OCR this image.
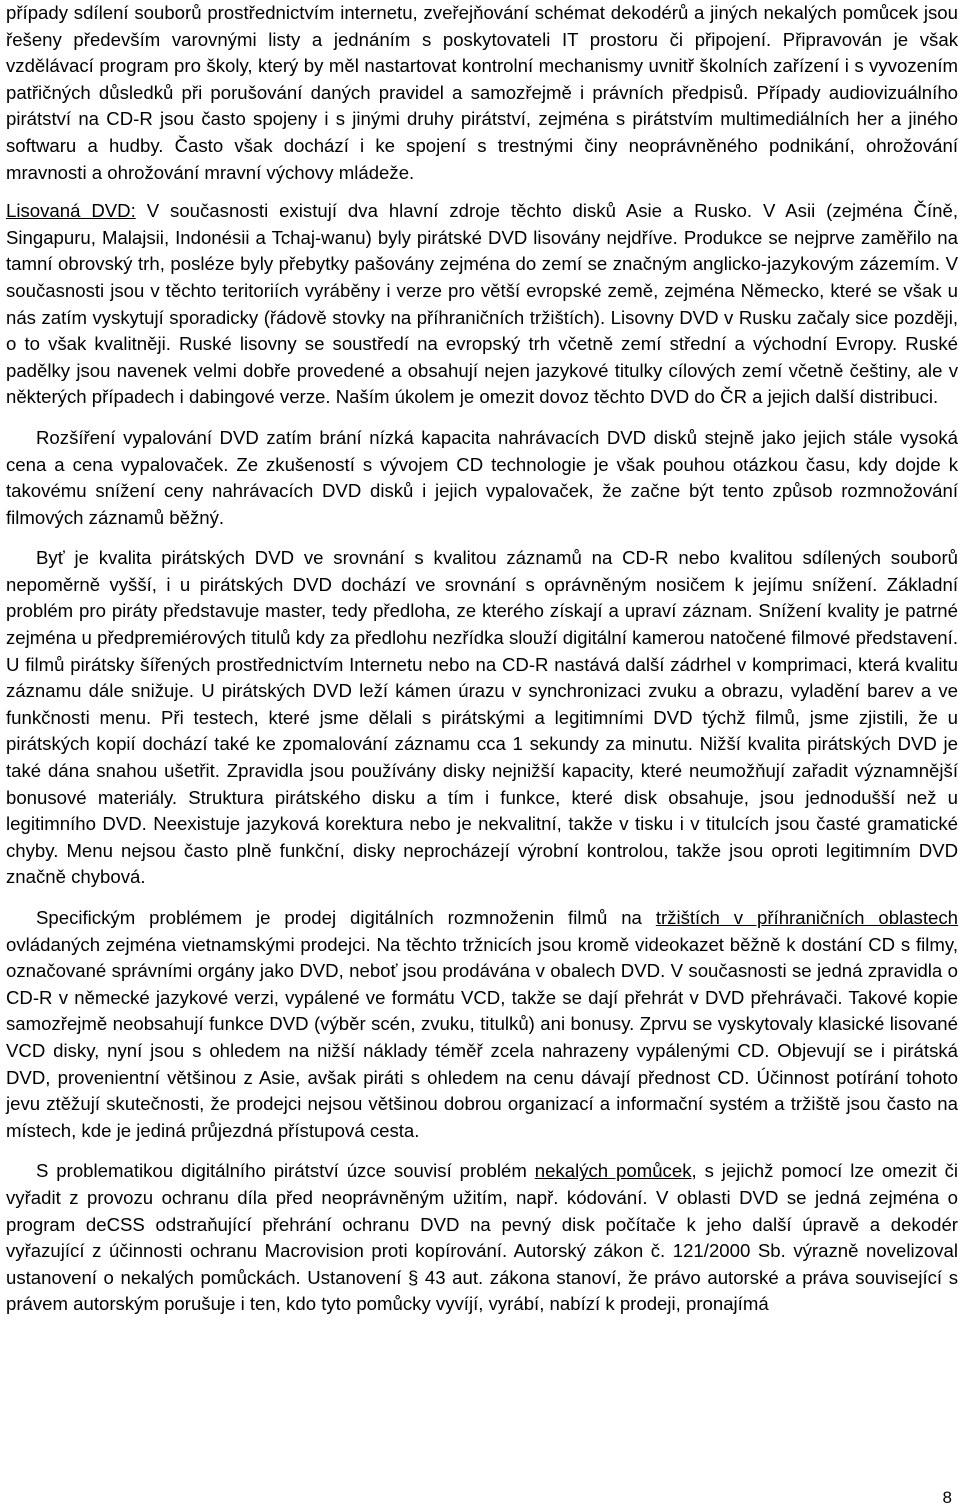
případy sdílení souborů prostřednictvím internetu, zveřejňování schémat dekodérů a jiných nekalých pomůcek jsou řešeny především varovnými listy a jednáním s poskytovateli IT prostoru či připojení. Připravován je však vzdělávací program pro školy, který by měl nastartovat kontrolní mechanismy uvnitř školních zařízení i s vyvozením patřičných důsledků při porušování daných pravidel a samozřejmě i právních předpisů. Případy audiovizuálního pirátství na CD-R jsou často spojeny i s jinými druhy pirátství, zejména s pirátstvím multimediálních her a jiného softwaru a hudby. Často však dochází i ke spojení s trestnými činy neoprávněného podnikání, ohrožování mravnosti a ohrožování mravní výchovy mládeže.

Lisovaná DVD: V současnosti existují dva hlavní zdroje těchto disků Asie a Rusko. V Asii (zejména Číně, Singapuru, Malajsii, Indonésii a Tchaj-wanu) byly pirátské DVD lisovány nejdříve. Produkce se nejprve zaměřilo na tamní obrovský trh, posléze byly přebytky pašovány zejména do zemí se značným anglicko-jazykovým zázemím. V současnosti jsou v těchto teritoriích vyráběny i verze pro větší evropské země, zejména Německo, které se však u nás zatím vyskytují sporadicky (řádově stovky na příhraničních tržištích). Lisovny DVD v Rusku začaly sice později, o to však kvalitněji. Ruské lisovny se soustředí na evropský trh včetně zemí střední a východní Evropy. Ruské padělky jsou navenek velmi dobře provedené a obsahují nejen jazykové titulky cílových zemí včetně češtiny, ale v některých případech i dabingové verze. Naším úkolem je omezit dovoz těchto DVD do ČR a jejich další distribuci.

Rozšíření vypalování DVD zatím brání nízká kapacita nahrávacích DVD disků stejně jako jejich stále vysoká cena a cena vypalovaček. Ze zkušeností s vývojem CD technologie je však pouhou otázkou času, kdy dojde k takovému snížení ceny nahrávacích DVD disků i jejich vypalovaček, že začne být tento způsob rozmnožování filmových záznamů běžný.

Byť je kvalita pirátských DVD ve srovnání s kvalitou záznamů na CD-R nebo kvalitou sdílených souborů nepoměrně vyšší, i u pirátských DVD dochází ve srovnání s oprávněným nosičem k jejímu snížení. Základní problém pro piráty představuje master, tedy předloha, ze kterého získají a upraví záznam. Snížení kvality je patrné zejména u předpremiérových titulů kdy za předlohu nezřídka slouží digitální kamerou natočené filmové představení. U filmů pirátsky šířených prostřednictvím Internetu nebo na CD-R nastává další zádrhel v komprimaci, která kvalitu záznamu dále snižuje. U pirátských DVD leží kámen úrazu v synchronizaci zvuku a obrazu, vyladění barev a ve funkčnosti menu. Při testech, které jsme dělali s pirátskými a legitimními DVD týchž filmů, jsme zjistili, že u pirátských kopií dochází také ke zpomalování záznamu cca 1 sekundy za minutu. Nižší kvalita pirátských DVD je také dána snahou ušetřit. Zpravidla jsou používány disky nejnižší kapacity, které neumožňují zařadit významnější bonusové materiály. Struktura pirátského disku a tím i funkce, které disk obsahuje, jsou jednodušší než u legitimního DVD. Neexistuje jazyková korektura nebo je nekvalitní, takže v tisku i v titulcích jsou časté gramatické chyby. Menu nejsou často plně funkční, disky neprocházejí výrobní kontrolou, takže jsou oproti legitimním DVD značně chybová.

Specifickým problémem je prodej digitálních rozmnoženin filmů na tržištích v příhraničních oblastech ovládaných zejména vietnamskými prodejci. Na těchto tržnicích jsou kromě videokazet běžně k dostání CD s filmy, označované správními orgány jako DVD, neboť jsou prodávána v obalech DVD. V současnosti se jedná zpravidla o CD-R v německé jazykové verzi, vypálené ve formátu VCD, takže se dají přehrát v DVD přehrávači. Takové kopie samozřejmě neobsahují funkce DVD (výběr scén, zvuku, titulků) ani bonusy. Zprvu se vyskytovaly klasické lisované VCD disky, nyní jsou s ohledem na nižší náklady téměř zcela nahrazeny vypálenými CD. Objevují se i pirátská DVD, provenientní většinou z Asie, avšak piráti s ohledem na cenu dávají přednost CD. Účinnost potírání tohoto jevu ztěžují skutečnosti, že prodejci nejsou většinou dobrou organizací a informační systém a tržiště jsou často na místech, kde je jediná průjezdná přístupová cesta.

S problematikou digitálního pirátství úzce souvisí problém nekalých pomůcek, s jejichž pomocí lze omezit či vyřadit z provozu ochranu díla před neoprávněným užitím, např. kódování. V oblasti DVD se jedná zejména o program deCSS odstraňující přehrání ochranu DVD na pevný disk počítače k jeho další úpravě a dekodér vyřazující z účinnosti ochranu Macrovision proti kopírování. Autorský zákon č. 121/2000 Sb. výrazně novelizoval ustanovení o nekalých pomůckách. Ustanovení § 43 aut. zákona stanoví, že právo autorské a práva související s právem autorským porušuje i ten, kdo tyto pomůcky vyvíjí, vyrábí, nabízí k prodeji, pronajímá

8
